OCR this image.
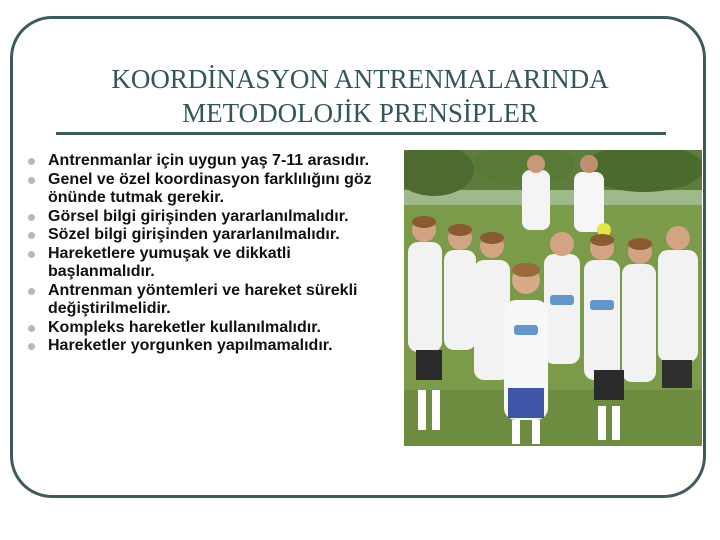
KOORDİNASYON ANTRENMALARINDA
METODOLOJİK PRENSİPLER
Antrenmanlar için uygun yaş 7-11 arasıdır.
Genel ve özel koordinasyon farklılığını göz önünde tutmak gerekir.
Görsel bilgi girişinden yararlanılmalıdır.
Sözel bilgi girişinden yararlanılmalıdır.
Hareketlere yumuşak ve dikkatli başlanmalıdır.
Antrenman yöntemleri ve hareket sürekli değiştirilmelidir.
Kompleks hareketler kullanılmalıdır.
Hareketler yorgunken yapılmamalıdır.
